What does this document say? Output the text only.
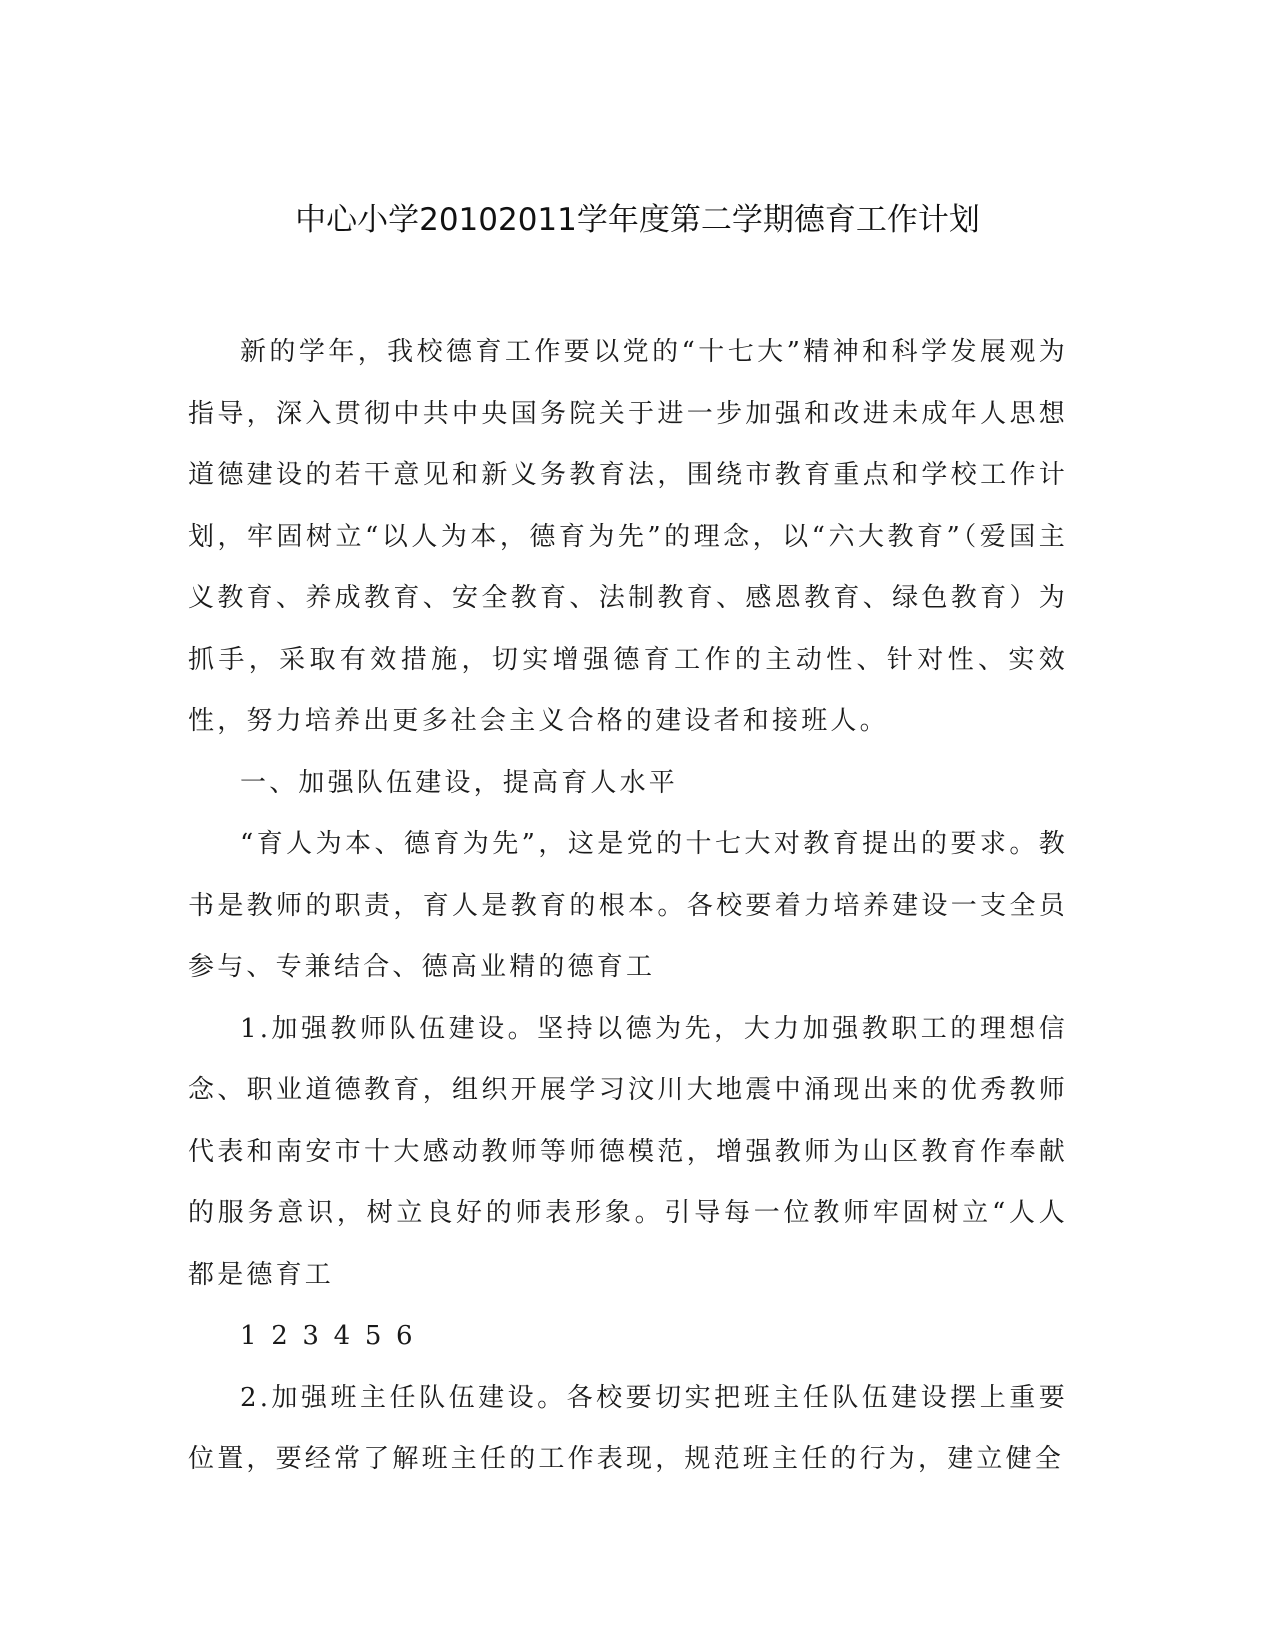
中心小学20102011学年度第二学期德育工作计划

新的学年，我校德育工作要以党的“十七大”精神和科学发展观为指导，深入贯彻中共中央国务院关于进一步加强和改进未成年人思想道德建设的若干意见和新义务教育法，围绕市教育重点和学校工作计划，牢固树立“以人为本，德育为先”的理念，以“六大教育”（爱国主义教育、养成教育、安全教育、法制教育、感恩教育、绿色教育）为抓手，采取有效措施，切实增强德育工作的主动性、针对性、实效性，努力培养出更多社会主义合格的建设者和接班人。

一、加强队伍建设，提高育人水平

“育人为本、德育为先”，这是党的十七大对教育提出的要求。教书是教师的职责，育人是教育的根本。各校要着力培养建设一支全员参与、专兼结合、德高业精的德育工

1.加强教师队伍建设。坚持以德为先，大力加强教职工的理想信念、职业道德教育，组织开展学习汶川大地震中涌现出来的优秀教师代表和南安市十大感动教师等师德模范，增强教师为山区教育作奉献的服务意识，树立良好的师表形象。引导每一位教师牢固树立“人人都是德育工

1 2 3 4 5 6

2.加强班主任队伍建设。各校要切实把班主任队伍建设摆上重要位置，要经常了解班主任的工作表现，规范班主任的行为，建立健全
